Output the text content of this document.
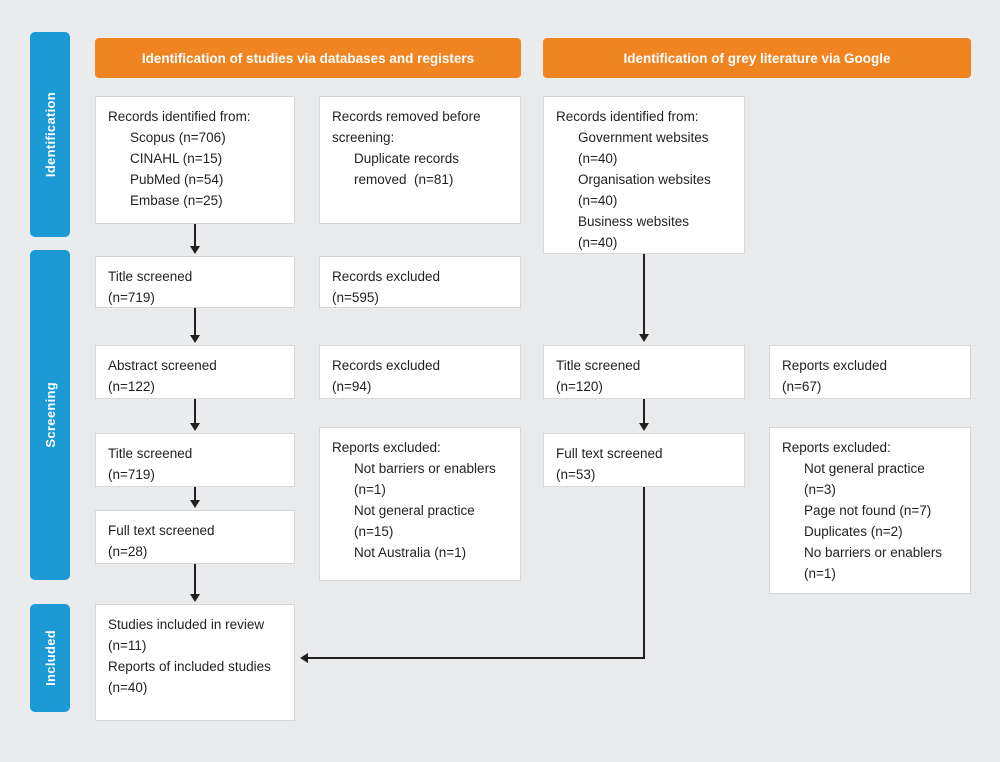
Identification
Screening
Included
Identification of studies via databases and registers	Identification of grey literature via Google
Records identified from:
Scopus (n=706)
CINAHL (n=15)
PubMed (n=54)
Embase (n=25)
Records removed before screening:
Duplicate records removed  (n=81)
Title screened
(n=719)
Records excluded
(n=595)
Abstract screened
(n=122)
Records excluded
(n=94)
Title screened
(n=719)
Reports excluded:
Not barriers or enablers (n=1)
Not general practice (n=15)
Not Australia (n=1)
Full text screened
(n=28)
Studies included in review
(n=11)
Reports of included studies
(n=40)
Records identified from:
Government websites (n=40)
Organisation websites (n=40)
Business websites (n=40)
Title screened
(n=120)
Reports excluded
(n=67)
Full text screened
(n=53)
Reports excluded:
Not general practice (n=3)
Page not found (n=7)
Duplicates (n=2)
No barriers or enablers (n=1)
